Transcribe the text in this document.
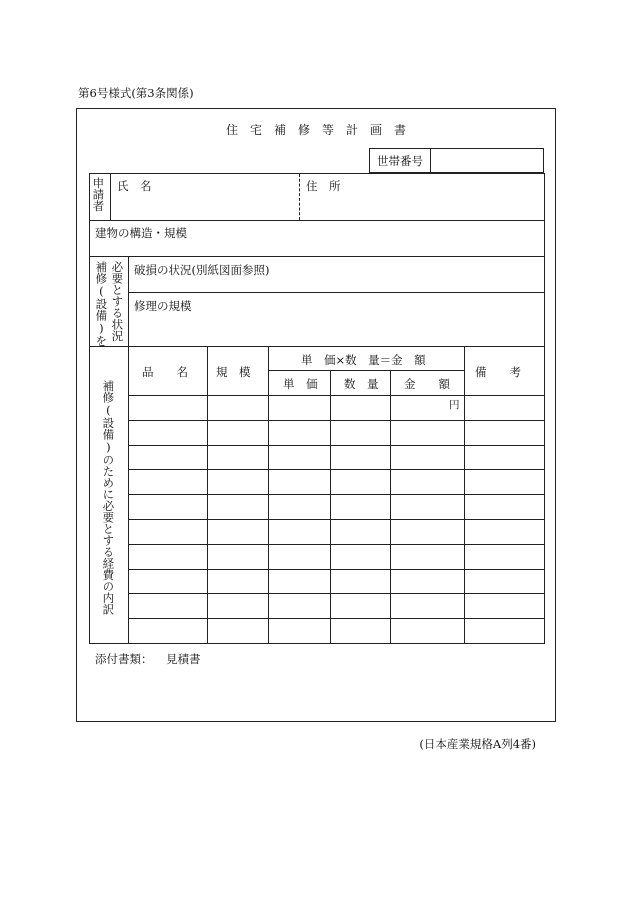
第6号様式(第3条関係)
住 宅 補 修 等 計 画 書
世帯番号
申請者 氏　名	住　所
建物の構造・規模
必要とする状況
補修(設備)を 破損の状況(別紙図面参照)
修理の規模
補修(設備)のために必要とする経費の内訳
品　　名 規　模
単　価×数　量＝金　額
単　価 数　量 金　　額
備　　考
円
添付書類： 見積書
(日本産業規格A列4番)
